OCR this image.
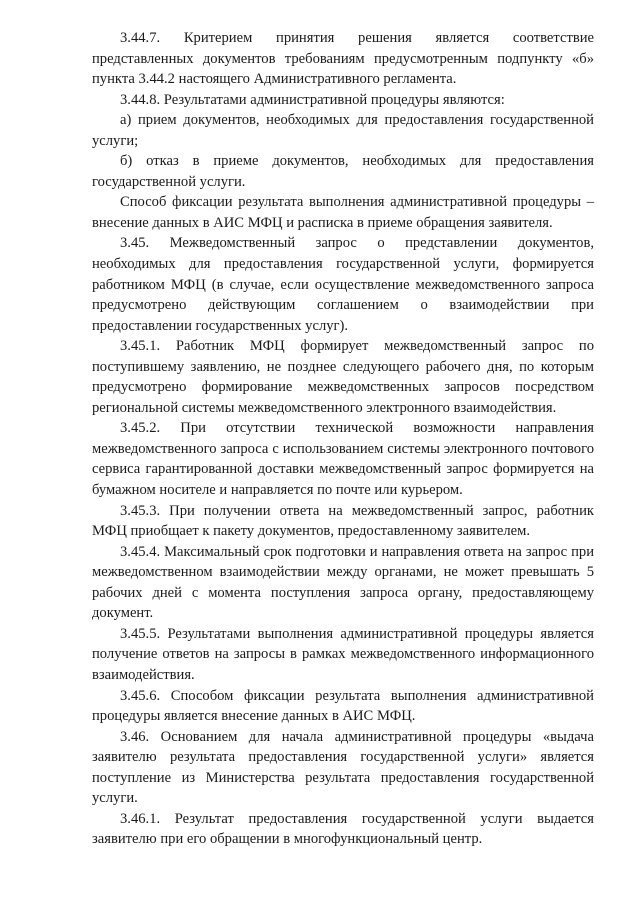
3.44.7. Критерием принятия решения является соответствие представленных документов требованиям предусмотренным подпункту «б» пункта 3.44.2 настоящего Административного регламента.

3.44.8. Результатами административной процедуры являются:

а) прием документов, необходимых для предоставления государственной услуги;

б) отказ в приеме документов, необходимых для предоставления государственной услуги.

Способ фиксации результата выполнения административной процедуры – внесение данных в АИС МФЦ и расписка в приеме обращения заявителя.

3.45. Межведомственный запрос о представлении документов, необходимых для предоставления государственной услуги, формируется работником МФЦ (в случае, если осуществление межведомственного запроса предусмотрено действующим соглашением о взаимодействии при предоставлении государственных услуг).

3.45.1. Работник МФЦ формирует межведомственный запрос по поступившему заявлению, не позднее следующего рабочего дня, по которым предусмотрено формирование межведомственных запросов посредством региональной системы межведомственного электронного взаимодействия.

3.45.2. При отсутствии технической возможности направления межведомственного запроса с использованием системы электронного почтового сервиса гарантированной доставки межведомственный запрос формируется на бумажном носителе и направляется по почте или курьером.

3.45.3. При получении ответа на межведомственный запрос, работник МФЦ приобщает к пакету документов, предоставленному заявителем.

3.45.4. Максимальный срок подготовки и направления ответа на запрос при межведомственном взаимодействии между органами, не может превышать 5 рабочих дней с момента поступления запроса органу, предоставляющему документ.

3.45.5. Результатами выполнения административной процедуры является получение ответов на запросы в рамках межведомственного информационного взаимодействия.

3.45.6. Способом фиксации результата выполнения административной процедуры является внесение данных в АИС МФЦ.

3.46. Основанием для начала административной процедуры «выдача заявителю результата предоставления государственной услуги» является поступление из Министерства результата предоставления государственной услуги.

3.46.1. Результат предоставления государственной услуги выдается заявителю при его обращении в многофункциональный центр.
